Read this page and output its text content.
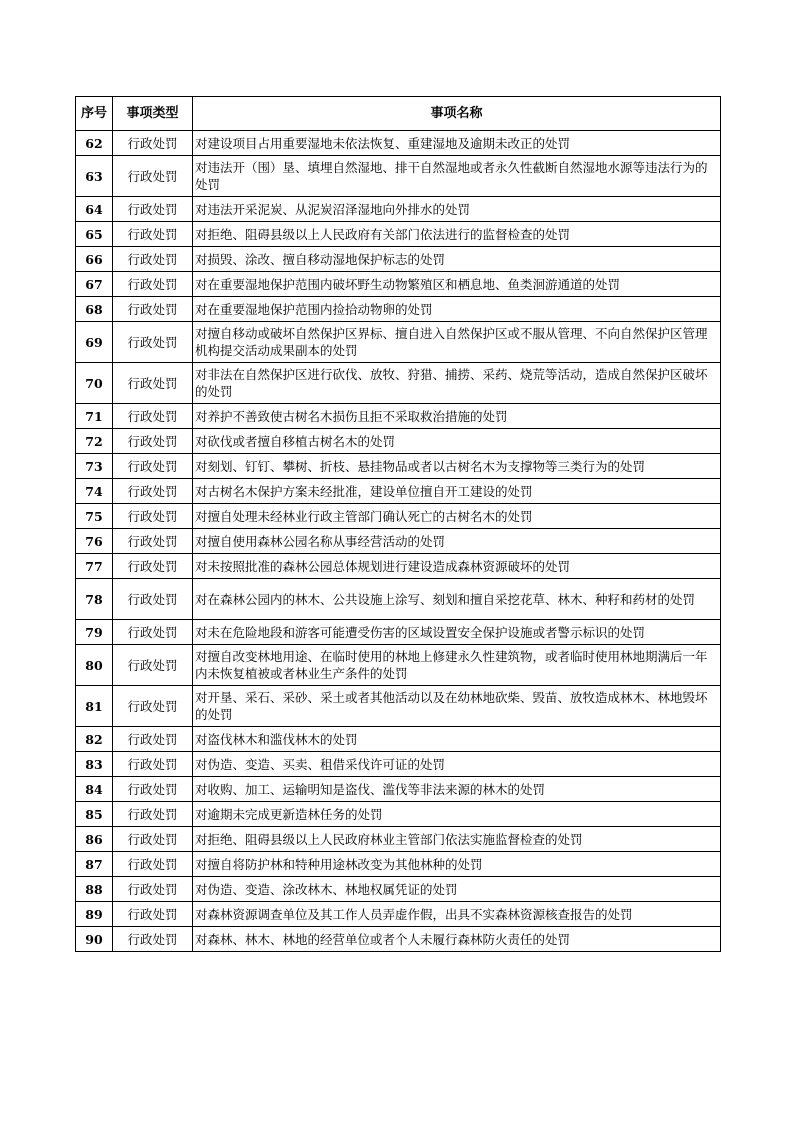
序号	事项类型	事项名称
62	行政处罚	对建设项目占用重要湿地未依法恢复、重建湿地及逾期未改正的处罚
63	行政处罚	对违法开（围）垦、填埋自然湿地、排干自然湿地或者永久性截断自然湿地水源等违法行为的处罚
64	行政处罚	对违法开采泥炭、从泥炭沼泽湿地向外排水的处罚
65	行政处罚	对拒绝、阻碍县级以上人民政府有关部门依法进行的监督检查的处罚
66	行政处罚	对损毁、涂改、擅自移动湿地保护标志的处罚
67	行政处罚	对在重要湿地保护范围内破坏野生动物繁殖区和栖息地、鱼类洄游通道的处罚
68	行政处罚	对在重要湿地保护范围内捡拾动物卵的处罚
69	行政处罚	对擅自移动或破坏自然保护区界标、擅自进入自然保护区或不服从管理、不向自然保护区管理机构提交活动成果副本的处罚
70	行政处罚	对非法在自然保护区进行砍伐、放牧、狩猎、捕捞、采药、烧荒等活动，造成自然保护区破坏的处罚
71	行政处罚	对养护不善致使古树名木损伤且拒不采取救治措施的处罚
72	行政处罚	对砍伐或者擅自移植古树名木的处罚
73	行政处罚	对刻划、钉钉、攀树、折枝、悬挂物品或者以古树名木为支撑物等三类行为的处罚
74	行政处罚	对古树名木保护方案未经批准，建设单位擅自开工建设的处罚
75	行政处罚	对擅自处理未经林业行政主管部门确认死亡的古树名木的处罚
76	行政处罚	对擅自使用森林公园名称从事经营活动的处罚
77	行政处罚	对未按照批准的森林公园总体规划进行建设造成森林资源破坏的处罚
78	行政处罚	对在森林公园内的林木、公共设施上涂写、刻划和擅自采挖花草、林木、种籽和药材的处罚
79	行政处罚	对未在危险地段和游客可能遭受伤害的区域设置安全保护设施或者警示标识的处罚
80	行政处罚	对擅自改变林地用途、在临时使用的林地上修建永久性建筑物，或者临时使用林地期满后一年内未恢复植被或者林业生产条件的处罚
81	行政处罚	对开垦、采石、采砂、采土或者其他活动以及在幼林地砍柴、毁苗、放牧造成林木、林地毁坏的处罚
82	行政处罚	对盗伐林木和滥伐林木的处罚
83	行政处罚	对伪造、变造、买卖、租借采伐许可证的处罚
84	行政处罚	对收购、加工、运输明知是盗伐、滥伐等非法来源的林木的处罚
85	行政处罚	对逾期未完成更新造林任务的处罚
86	行政处罚	对拒绝、阻碍县级以上人民政府林业主管部门依法实施监督检查的处罚
87	行政处罚	对擅自将防护林和特种用途林改变为其他林种的处罚
88	行政处罚	对伪造、变造、涂改林木、林地权属凭证的处罚
89	行政处罚	对森林资源调查单位及其工作人员弄虚作假，出具不实森林资源核查报告的处罚
90	行政处罚	对森林、林木、林地的经营单位或者个人未履行森林防火责任的处罚
